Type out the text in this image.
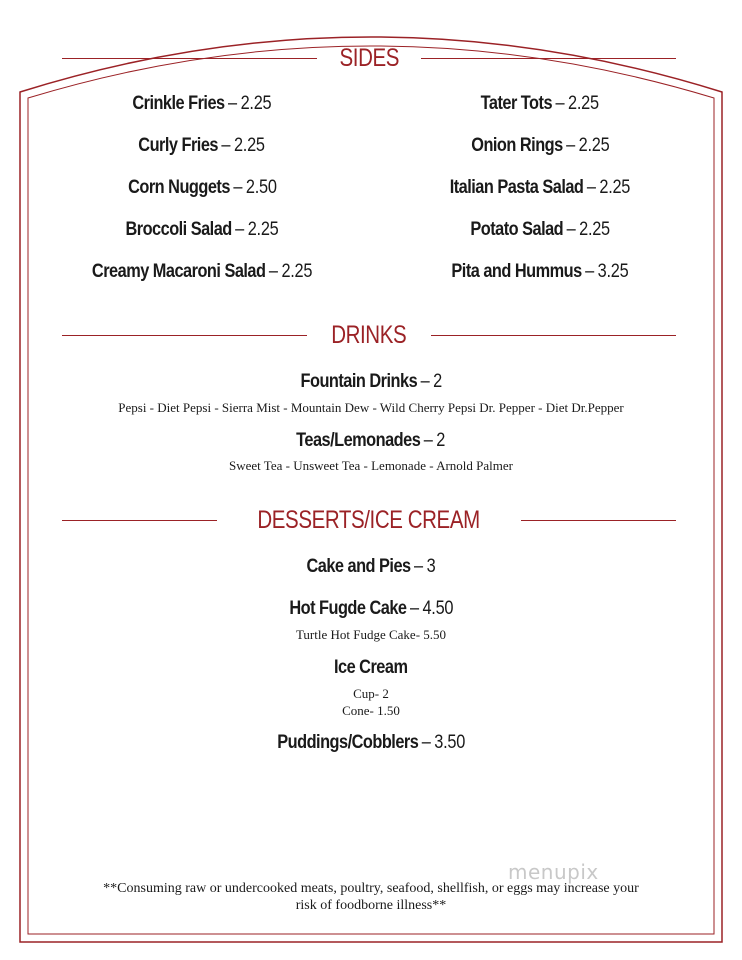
SIDES
Crinkle Fries – 2.25
Curly Fries – 2.25
Corn Nuggets – 2.50
Broccoli Salad – 2.25
Creamy Macaroni Salad – 2.25
Tater Tots – 2.25
Onion Rings – 2.25
Italian Pasta Salad – 2.25
Potato Salad – 2.25
Pita and Hummus – 3.25
DRINKS
Fountain Drinks – 2
Pepsi - Diet Pepsi - Sierra Mist - Mountain Dew - Wild Cherry Pepsi Dr. Pepper - Diet Dr.Pepper
Teas/Lemonades – 2
Sweet Tea - Unsweet Tea - Lemonade - Arnold Palmer
DESSERTS/ICE CREAM
Cake and Pies – 3
Hot Fugde Cake – 4.50
Turtle Hot Fudge Cake- 5.50
Ice Cream
Cup- 2
Cone- 1.50
Puddings/Cobblers – 3.50
menupix
**Consuming raw or undercooked meats, poultry, seafood, shellfish, or eggs may increase your
risk of foodborne illness**
